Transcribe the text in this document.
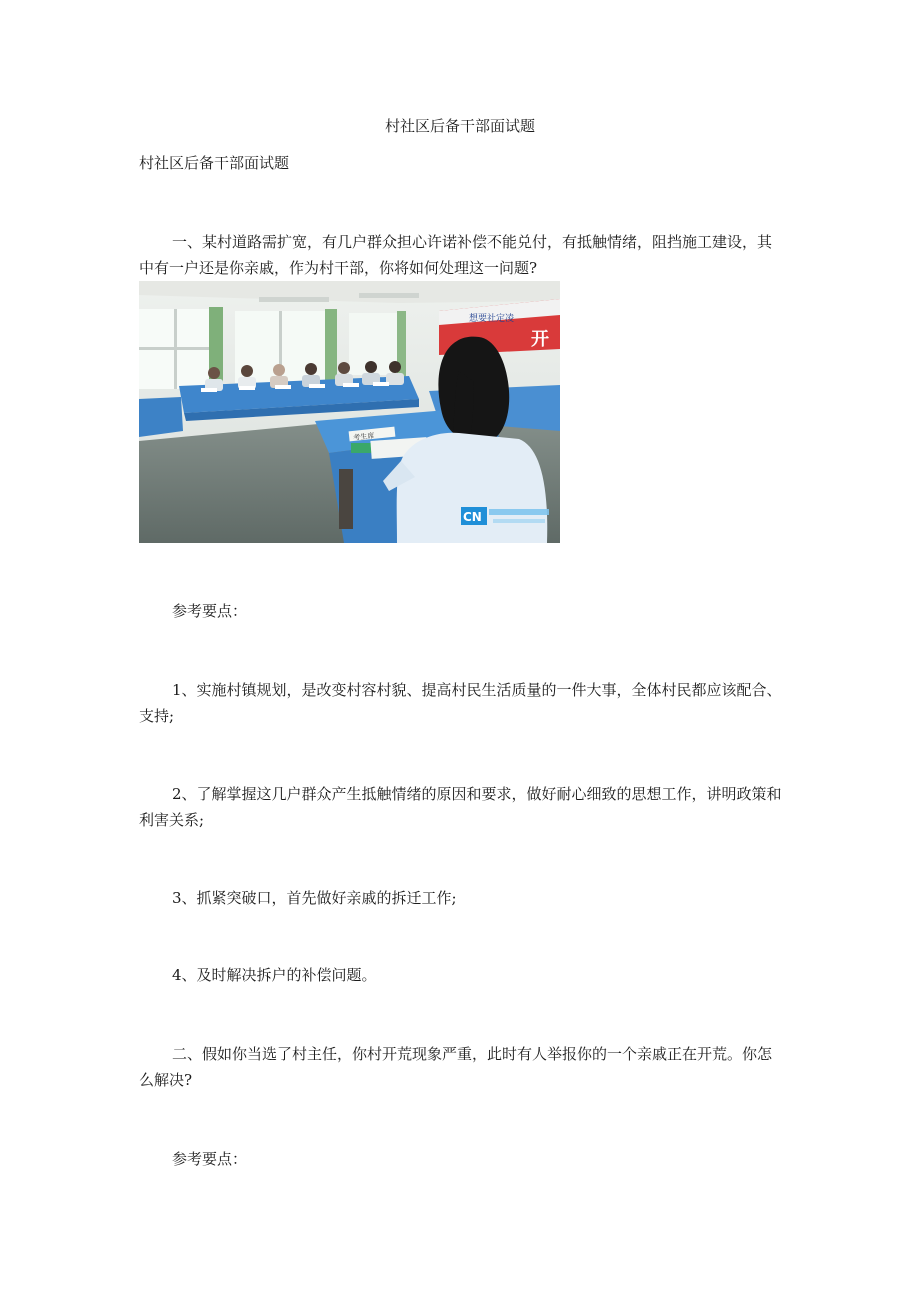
村社区后备干部面试题

村社区后备干部面试题

一、某村道路需扩宽，有几户群众担心许诺补偿不能兑付，有抵触情绪，阻挡施工建设，其中有一户还是你亲戚，作为村干部，你将如何处理这一问题?

想要社定凌
开
考生席
CN

参考要点：

1、实施村镇规划，是改变村容村貌、提高村民生活质量的一件大事，全体村民都应该配合、支持;

2、了解掌握这几户群众产生抵触情绪的原因和要求，做好耐心细致的思想工作，讲明政策和利害关系;

3、抓紧突破口，首先做好亲戚的拆迁工作;

4、及时解决拆户的补偿问题。

二、假如你当选了村主任，你村开荒现象严重，此时有人举报你的一个亲戚正在开荒。你怎么解决?

参考要点：
